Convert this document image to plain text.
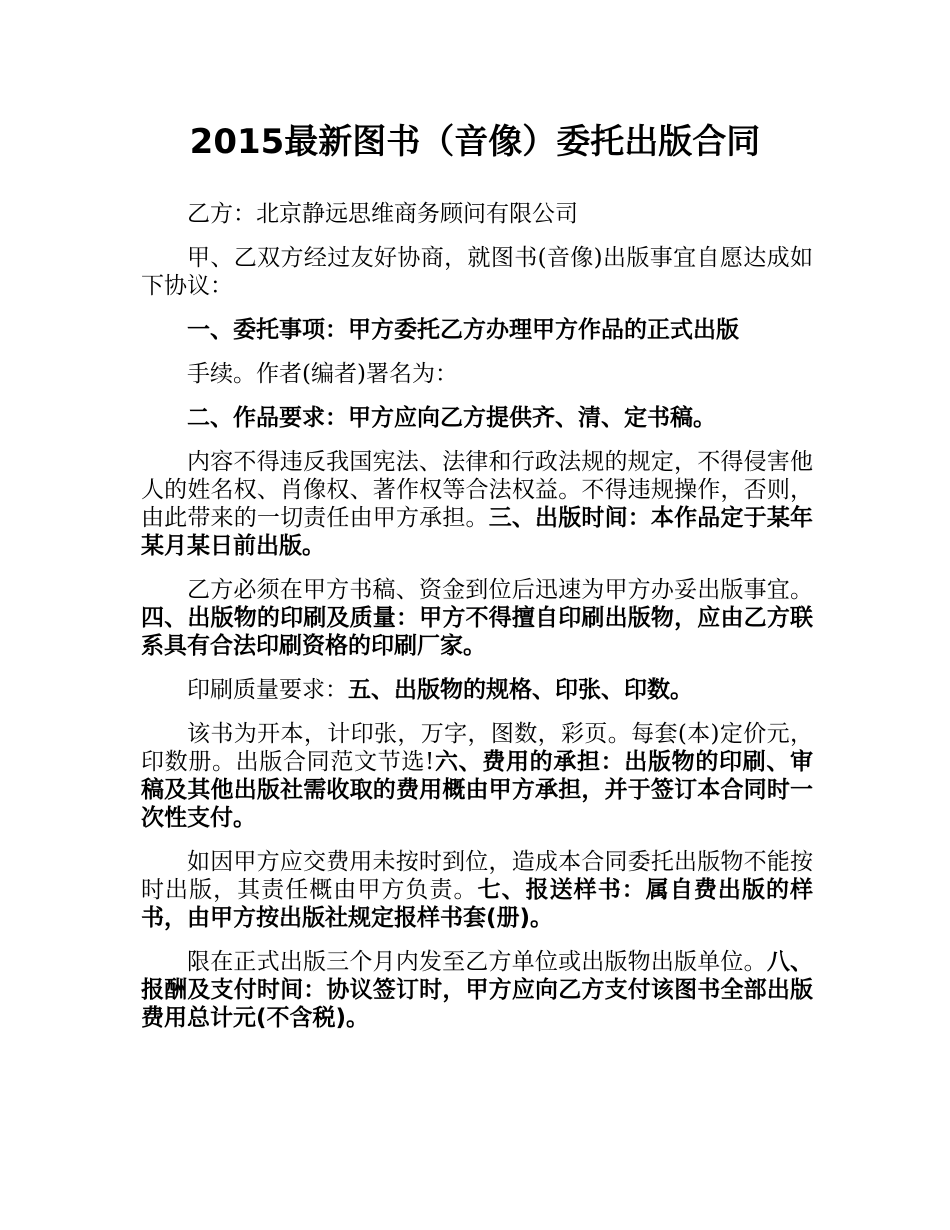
2015最新图书（音像）委托出版合同

乙方：北京静远思维商务顾问有限公司

甲、乙双方经过友好协商，就图书(音像)出版事宜自愿达成如下协议：

一、委托事项：甲方委托乙方办理甲方作品的正式出版

手续。作者(编者)署名为：

二、作品要求：甲方应向乙方提供齐、清、定书稿。

内容不得违反我国宪法、法律和行政法规的规定，不得侵害他人的姓名权、肖像权、著作权等合法权益。不得违规操作，否则，由此带来的一切责任由甲方承担。三、出版时间：本作品定于某年某月某日前出版。

乙方必须在甲方书稿、资金到位后迅速为甲方办妥出版事宜。四、出版物的印刷及质量：甲方不得擅自印刷出版物，应由乙方联系具有合法印刷资格的印刷厂家。

印刷质量要求：五、出版物的规格、印张、印数。

该书为开本，计印张，万字，图数，彩页。每套(本)定价元，印数册。出版合同范文节选!六、费用的承担：出版物的印刷、审稿及其他出版社需收取的费用概由甲方承担，并于签订本合同时一次性支付。

如因甲方应交费用未按时到位，造成本合同委托出版物不能按时出版，其责任概由甲方负责。七、报送样书：属自费出版的样书，由甲方按出版社规定报样书套(册)。

限在正式出版三个月内发至乙方单位或出版物出版单位。八、报酬及支付时间：协议签订时，甲方应向乙方支付该图书全部出版费用总计元(不含税)。
